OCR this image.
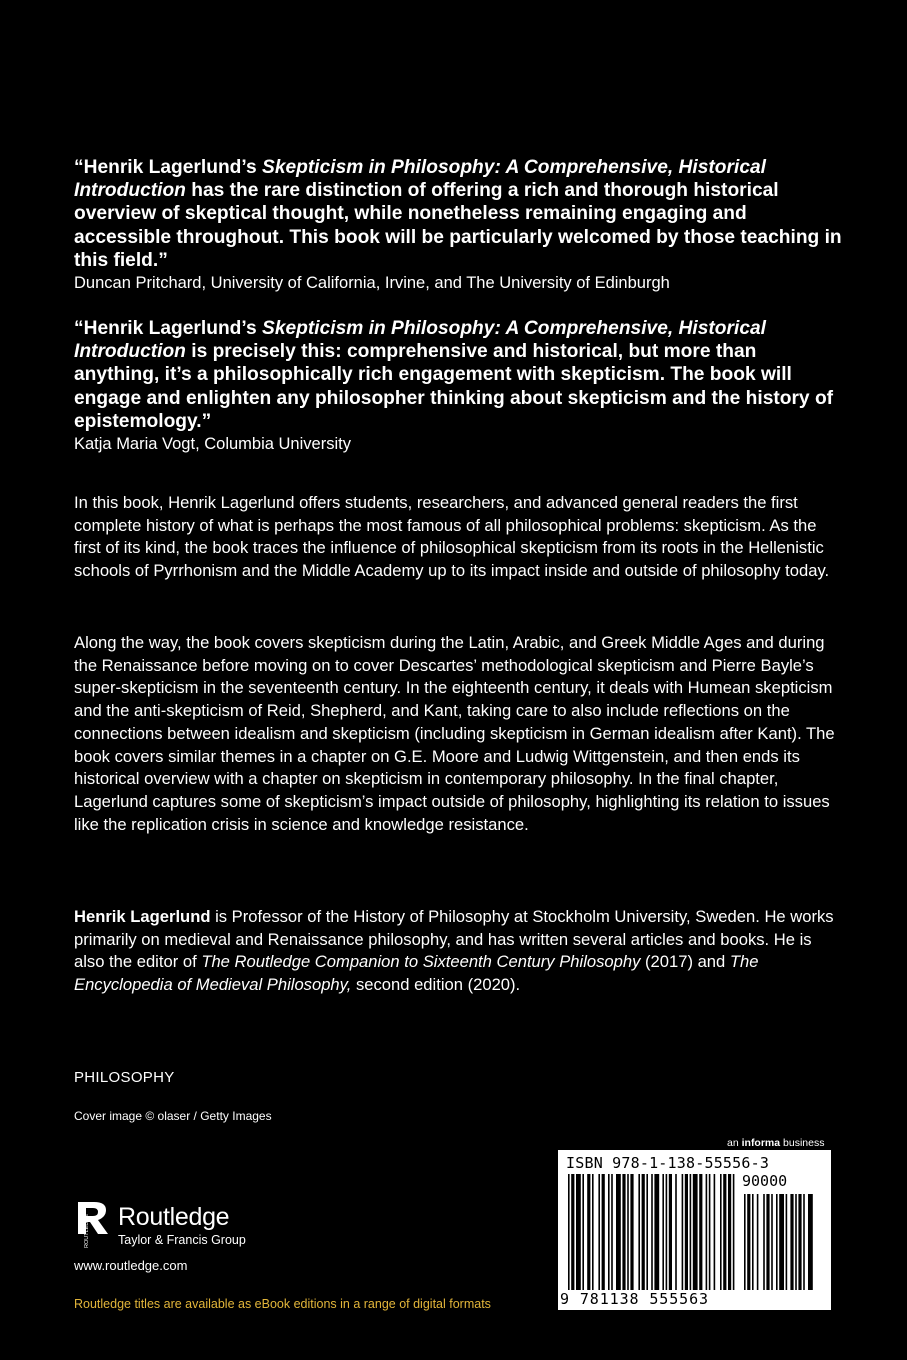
“Henrik Lagerlund’s Skepticism in Philosophy: A Comprehensive, Historical Introduction has the rare distinction of offering a rich and thorough historical overview of skeptical thought, while nonetheless remaining engaging and accessible throughout. This book will be particularly welcomed by those teaching in this field.”

Duncan Pritchard, University of California, Irvine, and The University of Edinburgh

“Henrik Lagerlund’s Skepticism in Philosophy: A Comprehensive, Historical Introduction is precisely this: comprehensive and historical, but more than anything, it’s a philosophically rich engagement with skepticism. The book will engage and enlighten any philosopher thinking about skepticism and the history of epistemology.”

Katja Maria Vogt, Columbia University

In this book, Henrik Lagerlund offers students, researchers, and advanced general readers the first complete history of what is perhaps the most famous of all philosophical problems: skepticism. As the first of its kind, the book traces the influence of philosophical skepticism from its roots in the Hellenistic schools of Pyrrhonism and the Middle Academy up to its impact inside and outside of philosophy today.

Along the way, the book covers skepticism during the Latin, Arabic, and Greek Middle Ages and during the Renaissance before moving on to cover Descartes’ methodological skepticism and Pierre Bayle’s super-skepticism in the seventeenth century. In the eighteenth century, it deals with Humean skepticism and the anti-skepticism of Reid, Shepherd, and Kant, taking care to also include reflections on the connections between idealism and skepticism (including skepticism in German idealism after Kant). The book covers similar themes in a chapter on G.E. Moore and Ludwig Wittgenstein, and then ends its historical overview with a chapter on skepticism in contemporary philosophy. In the final chapter, Lagerlund captures some of skepticism’s impact outside of philosophy, highlighting its relation to issues like the replication crisis in science and knowledge resistance.

Henrik Lagerlund is Professor of the History of Philosophy at Stockholm University, Sweden. He works primarily on medieval and Renaissance philosophy, and has written several articles and books. He is also the editor of The Routledge Companion to Sixteenth Century Philosophy (2017) and The Encyclopedia of Medieval Philosophy, second edition (2020).

PHILOSOPHY
Cover image © olaser / Getty Images
an informa business
ISBN 978-1-138-55556-3
90000
9 781138 555563
ROUTLEDGE Routledge
Taylor & Francis Group
www.routledge.com
Routledge titles are available as eBook editions in a range of digital formats
